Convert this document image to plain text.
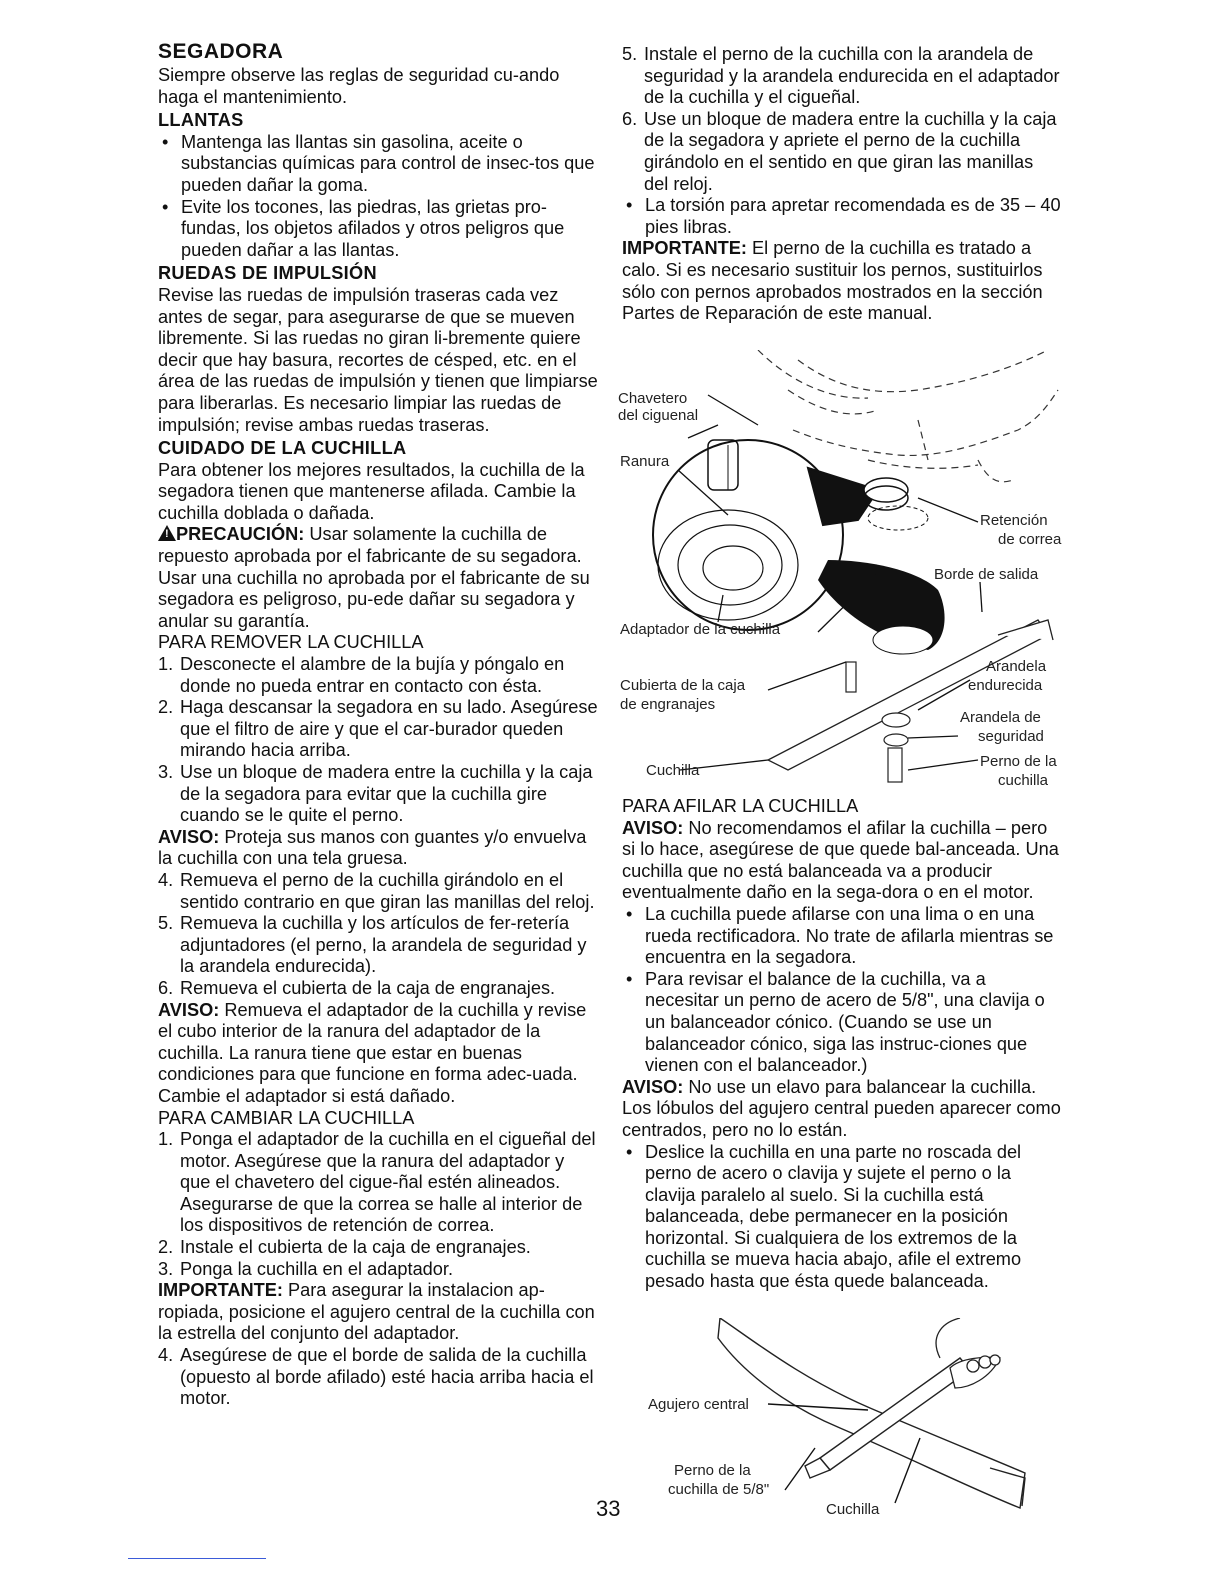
SEGADORA

Siempre observe las reglas de seguridad cu-ando haga el mantenimiento.

LLANTAS

• Mantenga las llantas sin gasolina, aceite o substancias químicas para control de insec-tos que pueden dañar la goma.
• Evite los tocones, las piedras, las grietas pro-fundas, los objetos afilados y otros peligros que pueden dañar a las llantas.

RUEDAS DE IMPULSIÓN

Revise las ruedas de impulsión traseras cada vez antes de segar, para asegurarse de que se mueven libremente. Si las ruedas no giran li-bremente quiere decir que hay basura, recortes de césped, etc. en el área de las ruedas de impulsión y tienen que limpiarse para liberarlas. Es necesario limpiar las ruedas de impulsión; revise ambas ruedas traseras.

CUIDADO DE LA CUCHILLA

Para obtener los mejores resultados, la cuchilla de la segadora tienen que mantenerse afilada. Cambie la cuchilla doblada o dañada.

! PRECAUCIÓN: Usar solamente la cuchilla de repuesto aprobada por el fabricante de su segadora. Usar una cuchilla no aprobada por el fabricante de su segadora es peligroso, pu-ede dañar su segadora y anular su garantía.

PARA REMOVER LA CUCHILLA

1. Desconecte el alambre de la bujía y póngalo en donde no pueda entrar en contacto con ésta.
2. Haga descansar la segadora en su lado. Asegúrese que el filtro de aire y que el car-burador queden mirando hacia arriba.
3. Use un bloque de madera entre la cuchilla y la caja de la segadora para evitar que la cuchilla gire cuando se le quite el perno.

AVISO: Proteja sus manos con guantes y/o envuelva la cuchilla con una tela gruesa.

4. Remueva el perno de la cuchilla girándolo en el sentido contrario en que giran las manillas del reloj.
5. Remueva la cuchilla y los artículos de fer-retería adjuntadores (el perno, la arandela de seguridad y la arandela endurecida).
6. Remueva el cubierta de la caja de engranajes.

AVISO: Remueva el adaptador de la cuchilla y revise el cubo interior de la ranura del adaptador de la cuchilla. La ranura tiene que estar en buenas condiciones para que funcione en forma adec-uada. Cambie el adaptador si está dañado.

PARA CAMBIAR LA CUCHILLA

1. Ponga el adaptador de la cuchilla en el cigueñal del motor. Asegúrese que la ranura del adaptador y que el chavetero del cigue-ñal estén alineados. Asegurarse de que la correa se halle al interior de los dispositivos de retención de correa.
2. Instale el cubierta de la caja de engranajes.
3. Ponga la cuchilla en el adaptador.

IMPORTANTE: Para asegurar la instalacion ap-ropiada, posicione el agujero central de la cuchilla con la estrella del conjunto del adaptador.

4. Asegúrese de que el borde de salida de la cuchilla (opuesto al borde afilado) esté hacia arriba hacia el motor.
5. Instale el perno de la cuchilla con la arandela de seguridad y la arandela endurecida en el adaptador de la cuchilla y el cigueñal.
6. Use un bloque de madera entre la cuchilla y la caja de la segadora y apriete el perno de la cuchilla girándolo en el sentido en que giran las manillas del reloj.
• La torsión para apretar recomendada es de 35 – 40 pies libras.

IMPORTANTE: El perno de la cuchilla es tratado a calo. Si es necesario sustituir los pernos, sustituirlos sólo con pernos aprobados mostrados en la sección Partes de Reparación de este manual.

Chavetero
del ciguenal
Ranura
Retención
de correa
Borde de salida
Adaptador de la cuchilla
Arandela
endurecida
Cubierta de la caja
de engranajes
Arandela de
seguridad
Cuchilla
Perno de la
cuchilla

PARA AFILAR LA CUCHILLA

AVISO: No recomendamos el afilar la cuchilla – pero si lo hace, asegúrese de que quede bal-anceada. Una cuchilla que no está balanceada va a producir eventualmente daño en la sega-dora o en el motor.

• La cuchilla puede afilarse con una lima o en una rueda rectificadora. No trate de afilarla mientras se encuentra en la segadora.
• Para revisar el balance de la cuchilla, va a necesitar un perno de acero de 5/8", una clavija o un balanceador cónico. (Cuando se use un balanceador cónico, siga las instruc-ciones que vienen con el balanceador.)

AVISO: No use un elavo para balancear la cuchilla. Los lóbulos del agujero central pueden aparecer como centrados, pero no lo están.

• Deslice la cuchilla en una parte no roscada del perno de acero o clavija y sujete el perno o la clavija paralelo al suelo. Si la cuchilla está balanceada, debe permanecer en la posición horizontal. Si cualquiera de los extremos de la cuchilla se mueva hacia abajo, afile el extremo pesado hasta que ésta quede balanceada.
Agujero central
Perno de la
cuchilla de 5/8"
Cuchilla
33
